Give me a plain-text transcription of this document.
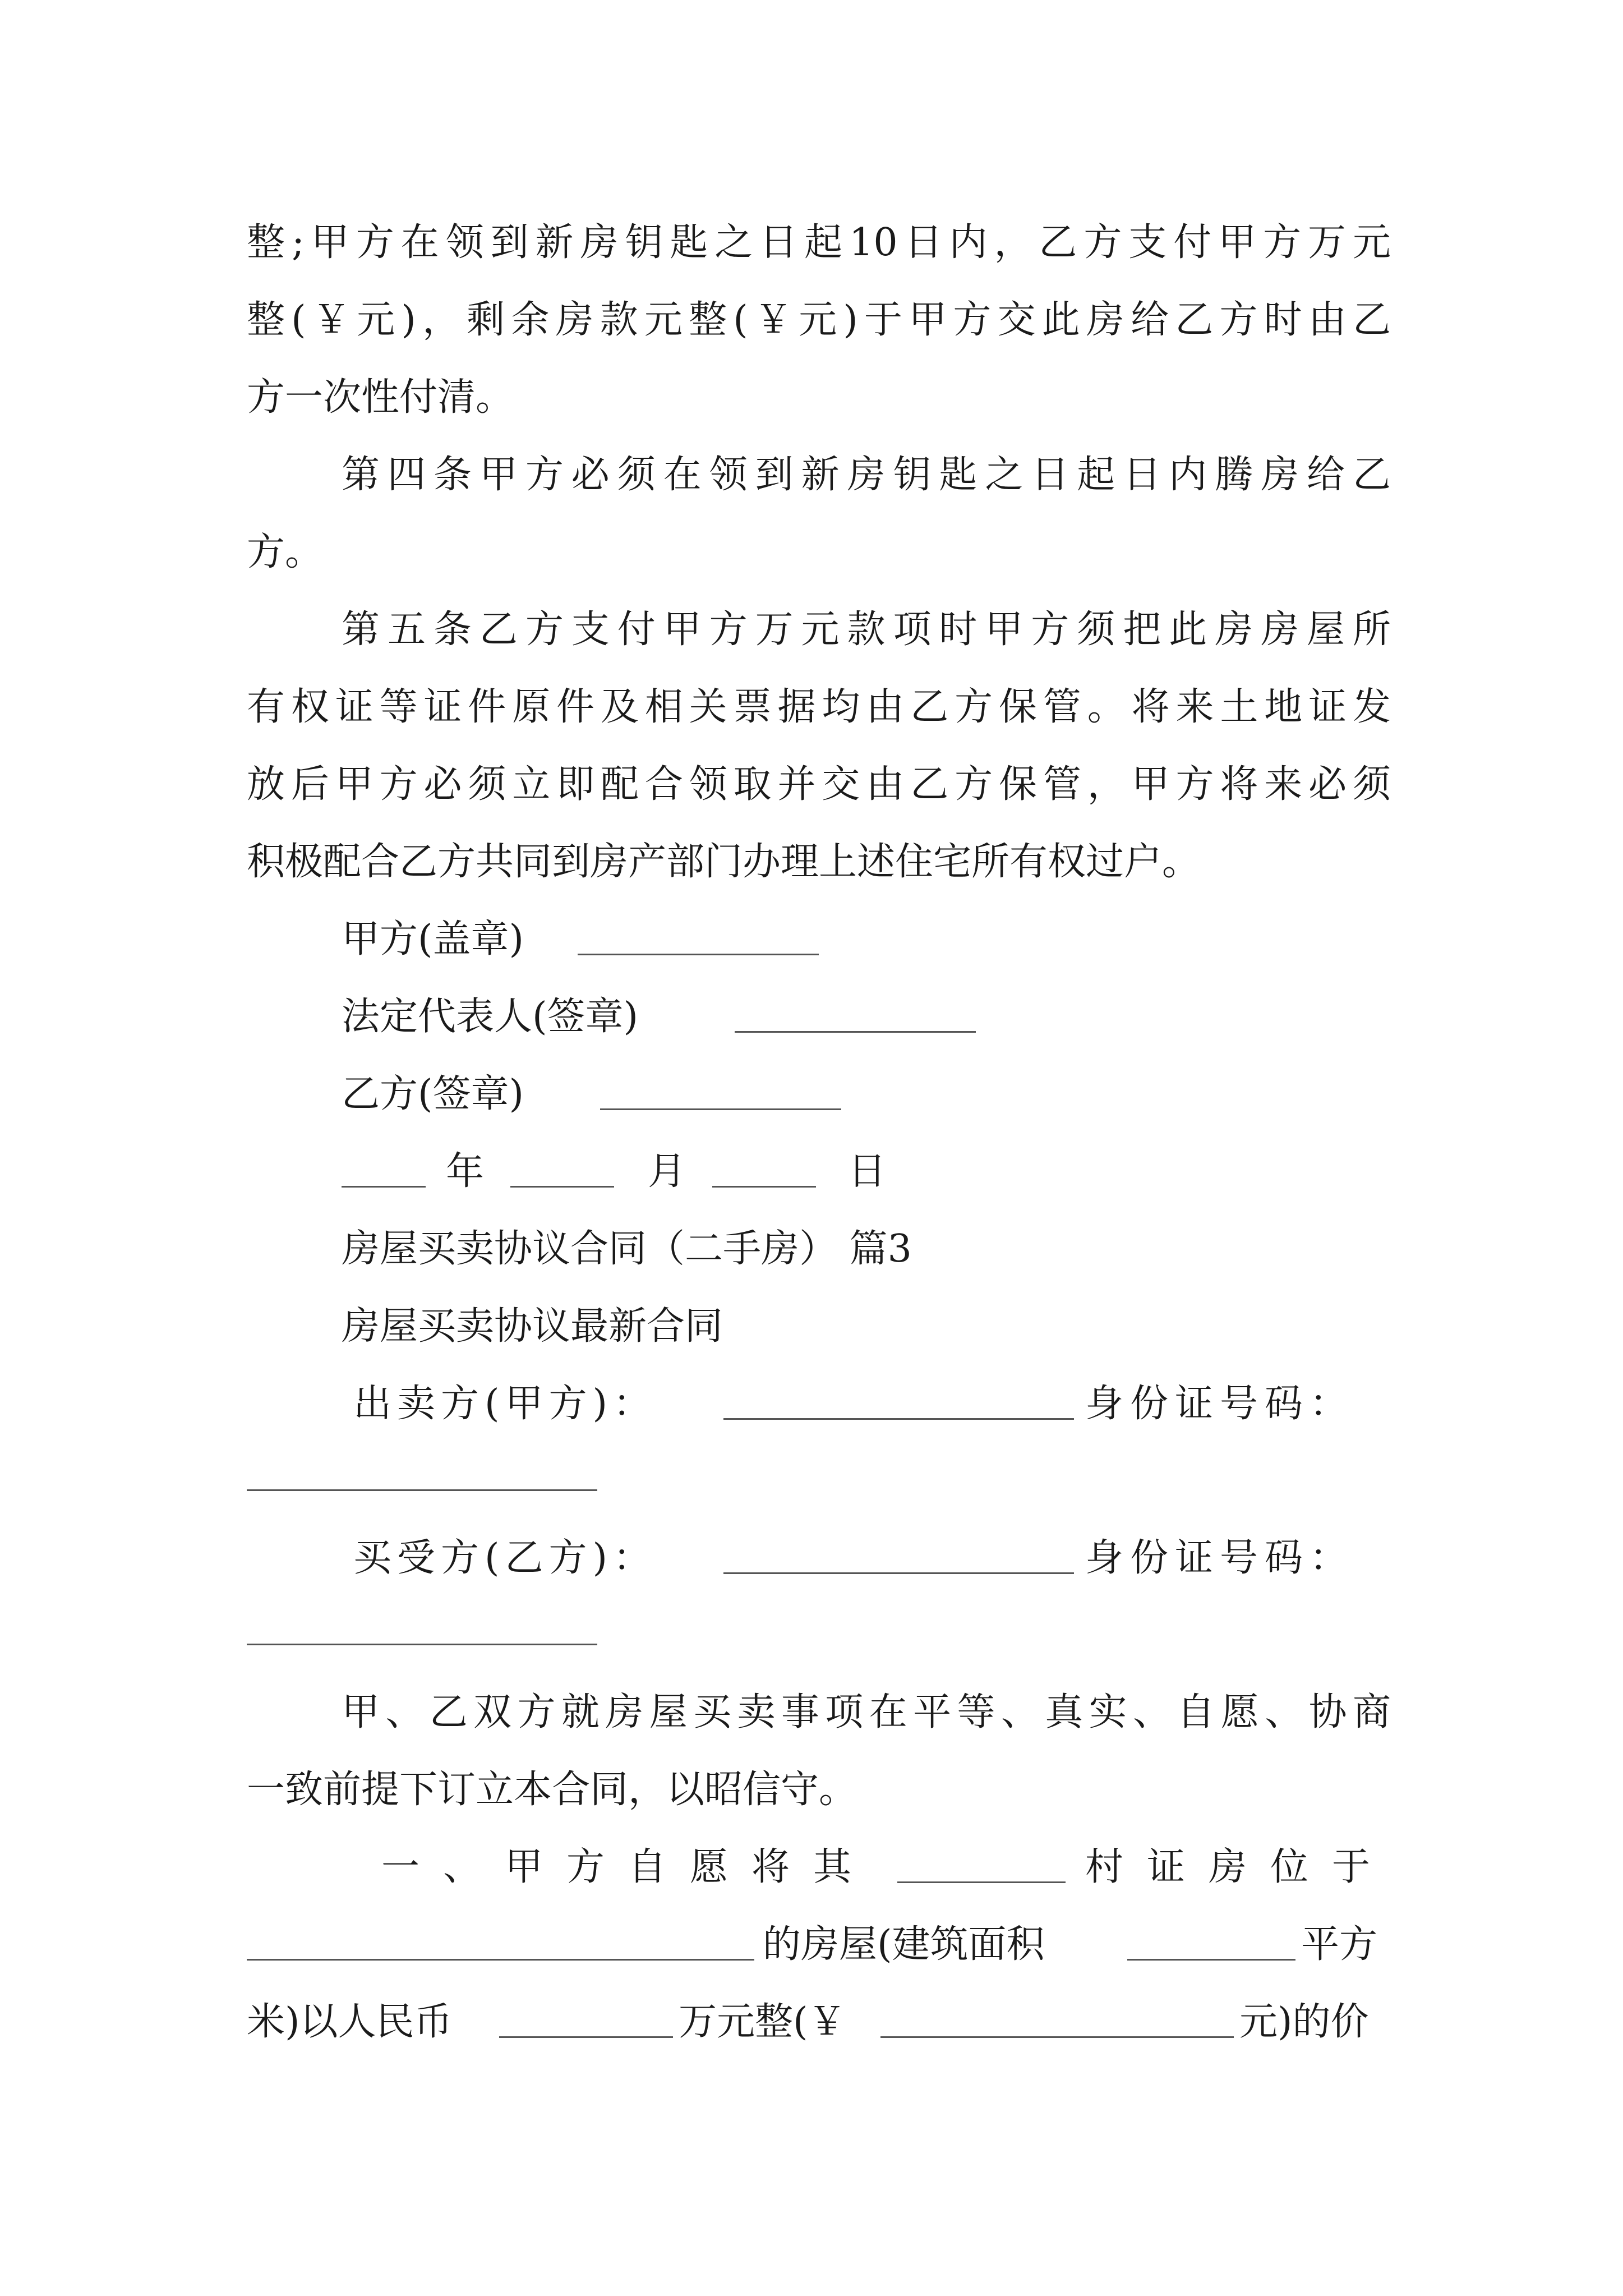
整;甲方在领到新房钥匙之日起10日内，乙方支付甲方万元
整(￥元)，剩余房款元整(￥元)于甲方交此房给乙方时由乙
方一次性付清。
第四条甲方必须在领到新房钥匙之日起日内腾房给乙
方。
第五条乙方支付甲方万元款项时甲方须把此房房屋所
有权证等证件原件及相关票据均由乙方保管。将来土地证发
放后甲方必须立即配合领取并交由乙方保管，甲方将来必须
积极配合乙方共同到房产部门办理上述住宅所有权过户。
甲方(盖章)
法定代表人(签章)
乙方(签章)
年	月	日
房屋买卖协议合同（二手房） 篇3
房屋买卖协议最新合同
出卖方(甲方)：	身份证号码：
买受方(乙方)：	身份证号码：
甲、乙双方就房屋买卖事项在平等、真实、自愿、协商
一致前提下订立本合同，以昭信守。
一、甲方自愿将其	村证房位于
的房屋(建筑面积	平方
米)以人民币	万元整(￥	元)的价
